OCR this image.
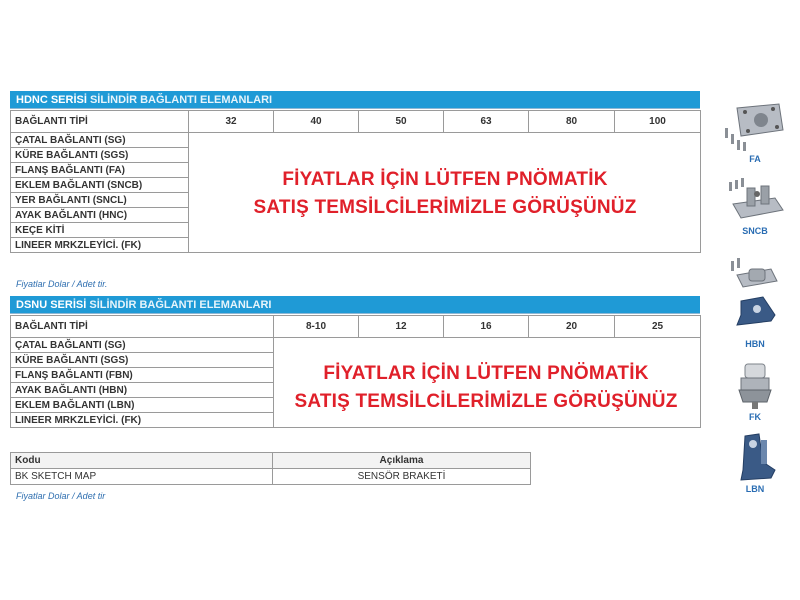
HDNC SERİSİ SİLİNDİR BAĞLANTI ELEMANLARI
BAĞLANTI TİPİ	32	40	50	63	80	100
ÇATAL BAĞLANTI (SG)						
KÜRE BAĞLANTI (SGS)						
FLANŞ BAĞLANTI (FA)						
EKLEM BAĞLANTI (SNCB)						
YER BAĞLANTI (SNCL)						
AYAK BAĞLANTI (HNC)						
KEÇE KİTİ						
LINEER MRKZLEYİCİ. (FK)						
FİYATLAR İÇİN LÜTFEN PNÖMATİK
SATIŞ TEMSİLCİLERİMİZLE GÖRÜŞÜNÜZ
Fiyatlar Dolar / Adet tir.
DSNU SERİSİ SİLİNDİR BAĞLANTI ELEMANLARI
BAĞLANTI TİPİ	8-10	12	16	20	25
ÇATAL BAĞLANTI (SG)					
KÜRE BAĞLANTI (SGS)					
FLANŞ BAĞLANTI (FBN)					
AYAK BAĞLANTI (HBN)					
EKLEM BAĞLANTI (LBN)					
LINEER MRKZLEYİCİ. (FK)					
FİYATLAR İÇİN LÜTFEN PNÖMATİK
SATIŞ TEMSİLCİLERİMİZLE GÖRÜŞÜNÜZ
Kodu	Açıklama
BK SKETCH MAP	SENSÖR BRAKETİ
Fiyatlar Dolar / Adet tir
FA
SNCB
HBN
FK
LBN
